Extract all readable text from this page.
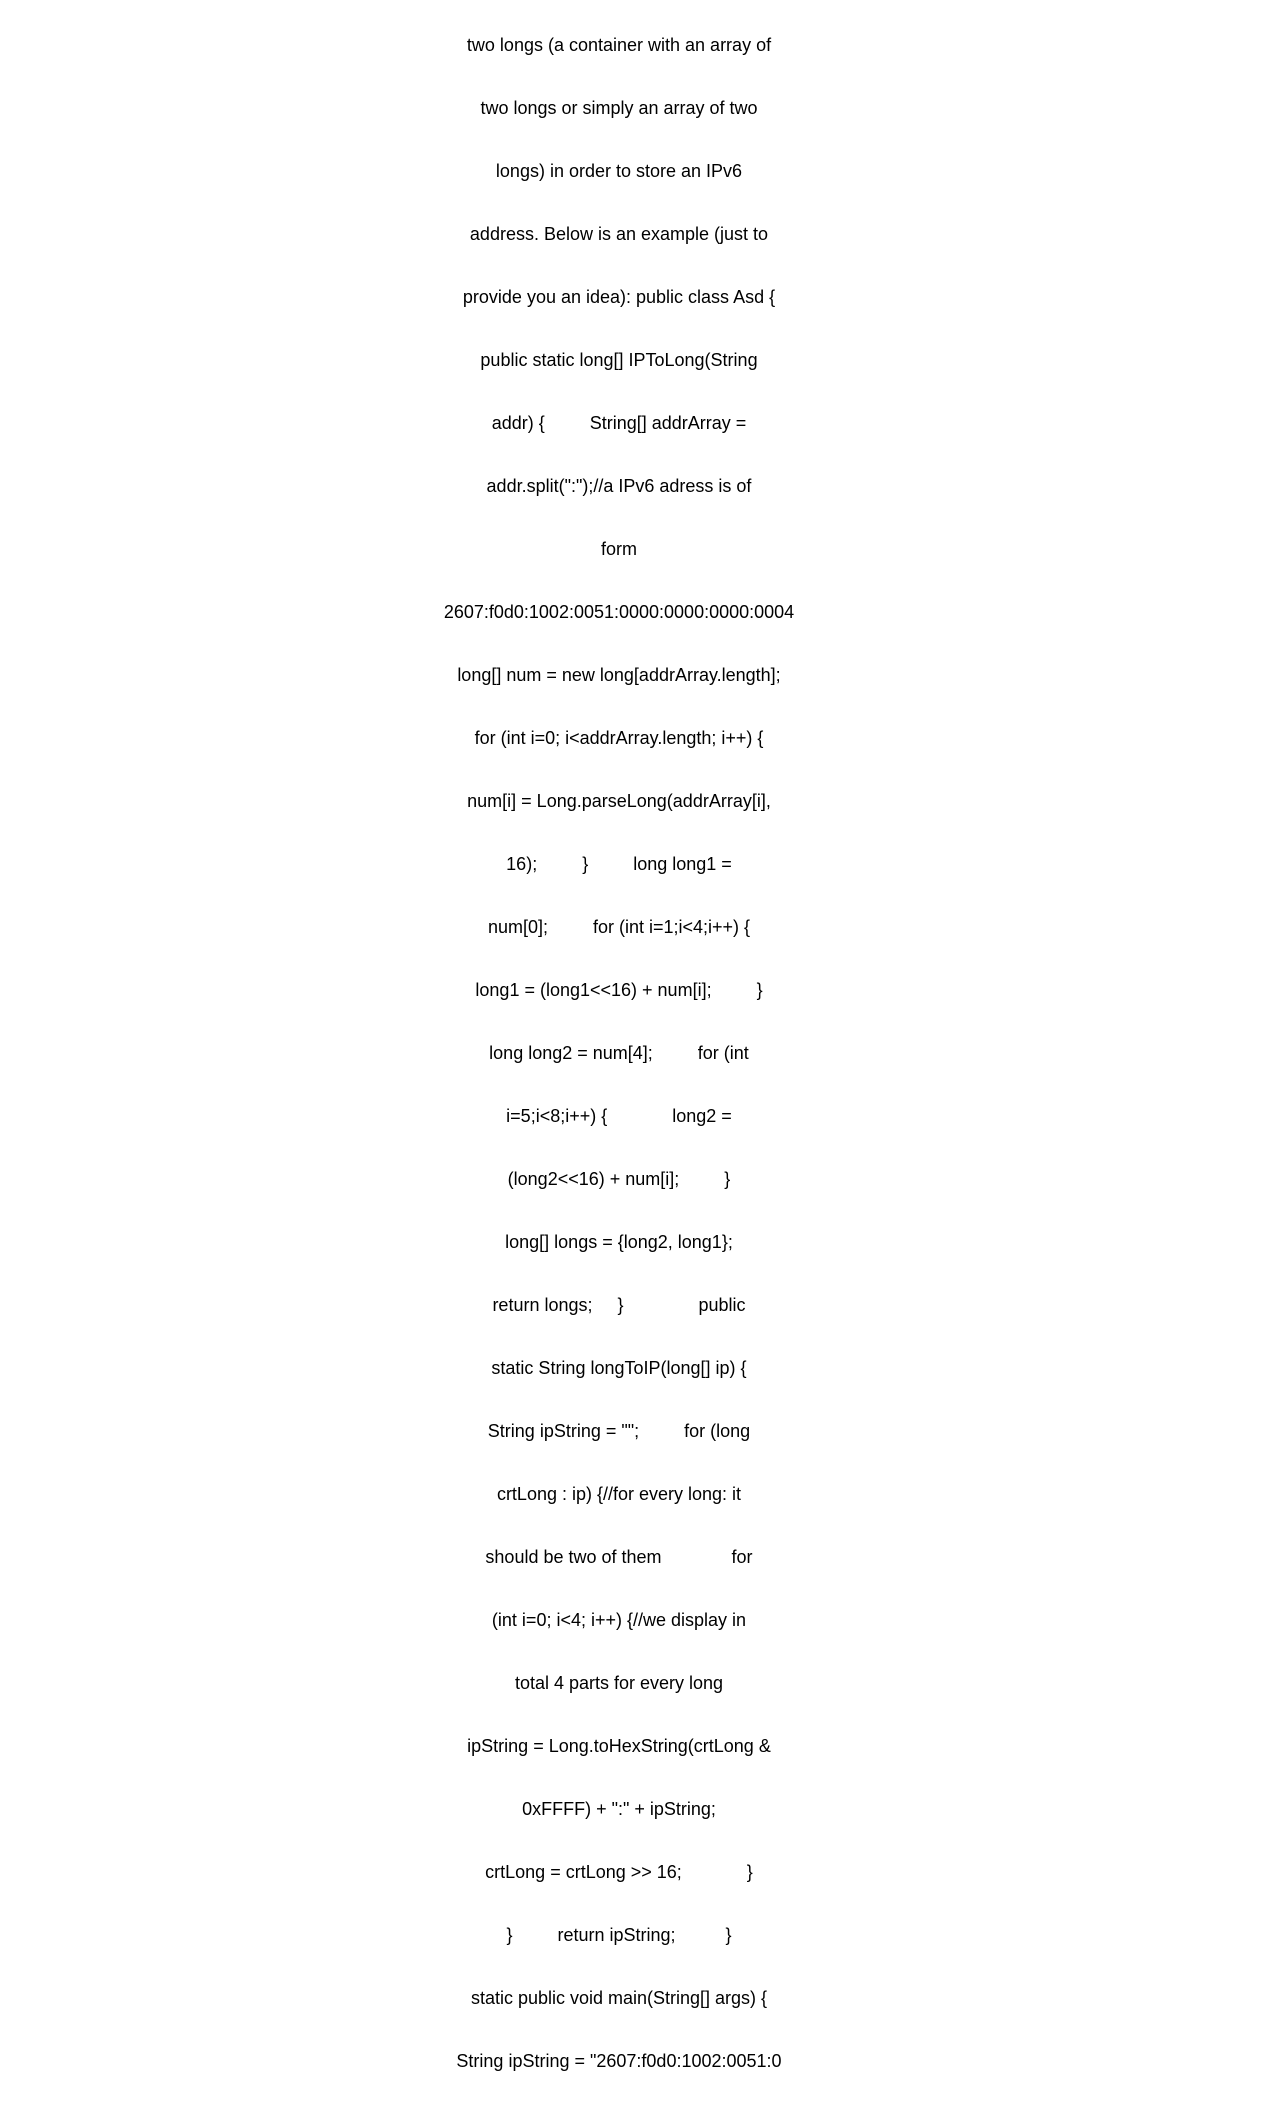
two longs (a container with an array of

two longs or simply an array of two

longs) in order to store an IPv6

address. Below is an example (just to

provide you an idea): public class Asd {

public static long[] IPToLong(String

addr) {         String[] addrArray =

addr.split(":");//a IPv6 adress is of

form

2607:f0d0:1002:0051:0000:0000:0000:0004

long[] num = new long[addrArray.length];

for (int i=0; i<addrArray.length; i++) {

num[i] = Long.parseLong(addrArray[i],

16);         }         long long1 =

num[0];         for (int i=1;i<4;i++) {

long1 = (long1<<16) + num[i];         }

long long2 = num[4];         for (int

i=5;i<8;i++) {             long2 =

(long2<<16) + num[i];         }

long[] longs = {long2, long1};

return longs;     }               public

static String longToIP(long[] ip) {

String ipString = "";         for (long

crtLong : ip) {//for every long: it

should be two of them              for

(int i=0; i<4; i++) {//we display in

total 4 parts for every long

ipString = Long.toHexString(crtLong &

0xFFFF) + ":" + ipString;

crtLong = crtLong >> 16;             }

}         return ipString;          }

static public void main(String[] args) {

String ipString = "2607:f0d0:1002:0051:0
